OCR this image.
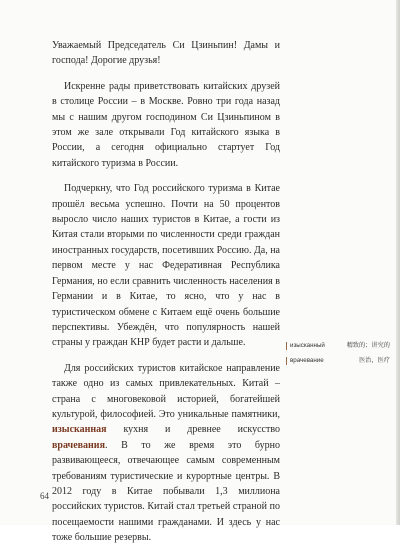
Уважаемый Председатель Си Цзиньпин! Дамы и господа! Дорогие друзья!

Искренне рады приветствовать китайских друзей в столице России – в Москве. Ровно три года назад мы с нашим другом господином Си Цзиньпином в этом же зале открывали Год китайского языка в России, а сегодня официально стартует Год китайского туризма в России.

Подчеркну, что Год российского туризма в Китае прошёл весьма успешно. Почти на 50 процентов выросло число наших туристов в Китае, а гости из Китая стали вторыми по численности среди граждан иностранных государств, посетивших Россию. Да, на первом месте у нас Федеративная Республика Германия, но если сравнить численность населения в Германии и в Китае, то ясно, что у нас в туристическом обмене с Китаем ещё очень большие перспективы. Убеждён, что популярность нашей страны у граждан КНР будет расти и дальше.

Для российских туристов китайское направление также одно из самых привлекательных. Китай – страна с многовековой историей, богатейшей культурой, философией. Это уникальные памятники, изысканная кухня и древнее искусство врачевания. В то же время это бурно развивающееся, отвечающее самым современным требованиям туристические и курортные центры. В 2012 году в Китае побывали 1,3 миллиона российских туристов. Китай стал третьей страной по посещаемости нашими гражданами. И здесь у нас тоже большие резервы.

изысканный	精致的；讲究的
врачевание	医治，医疗
64
